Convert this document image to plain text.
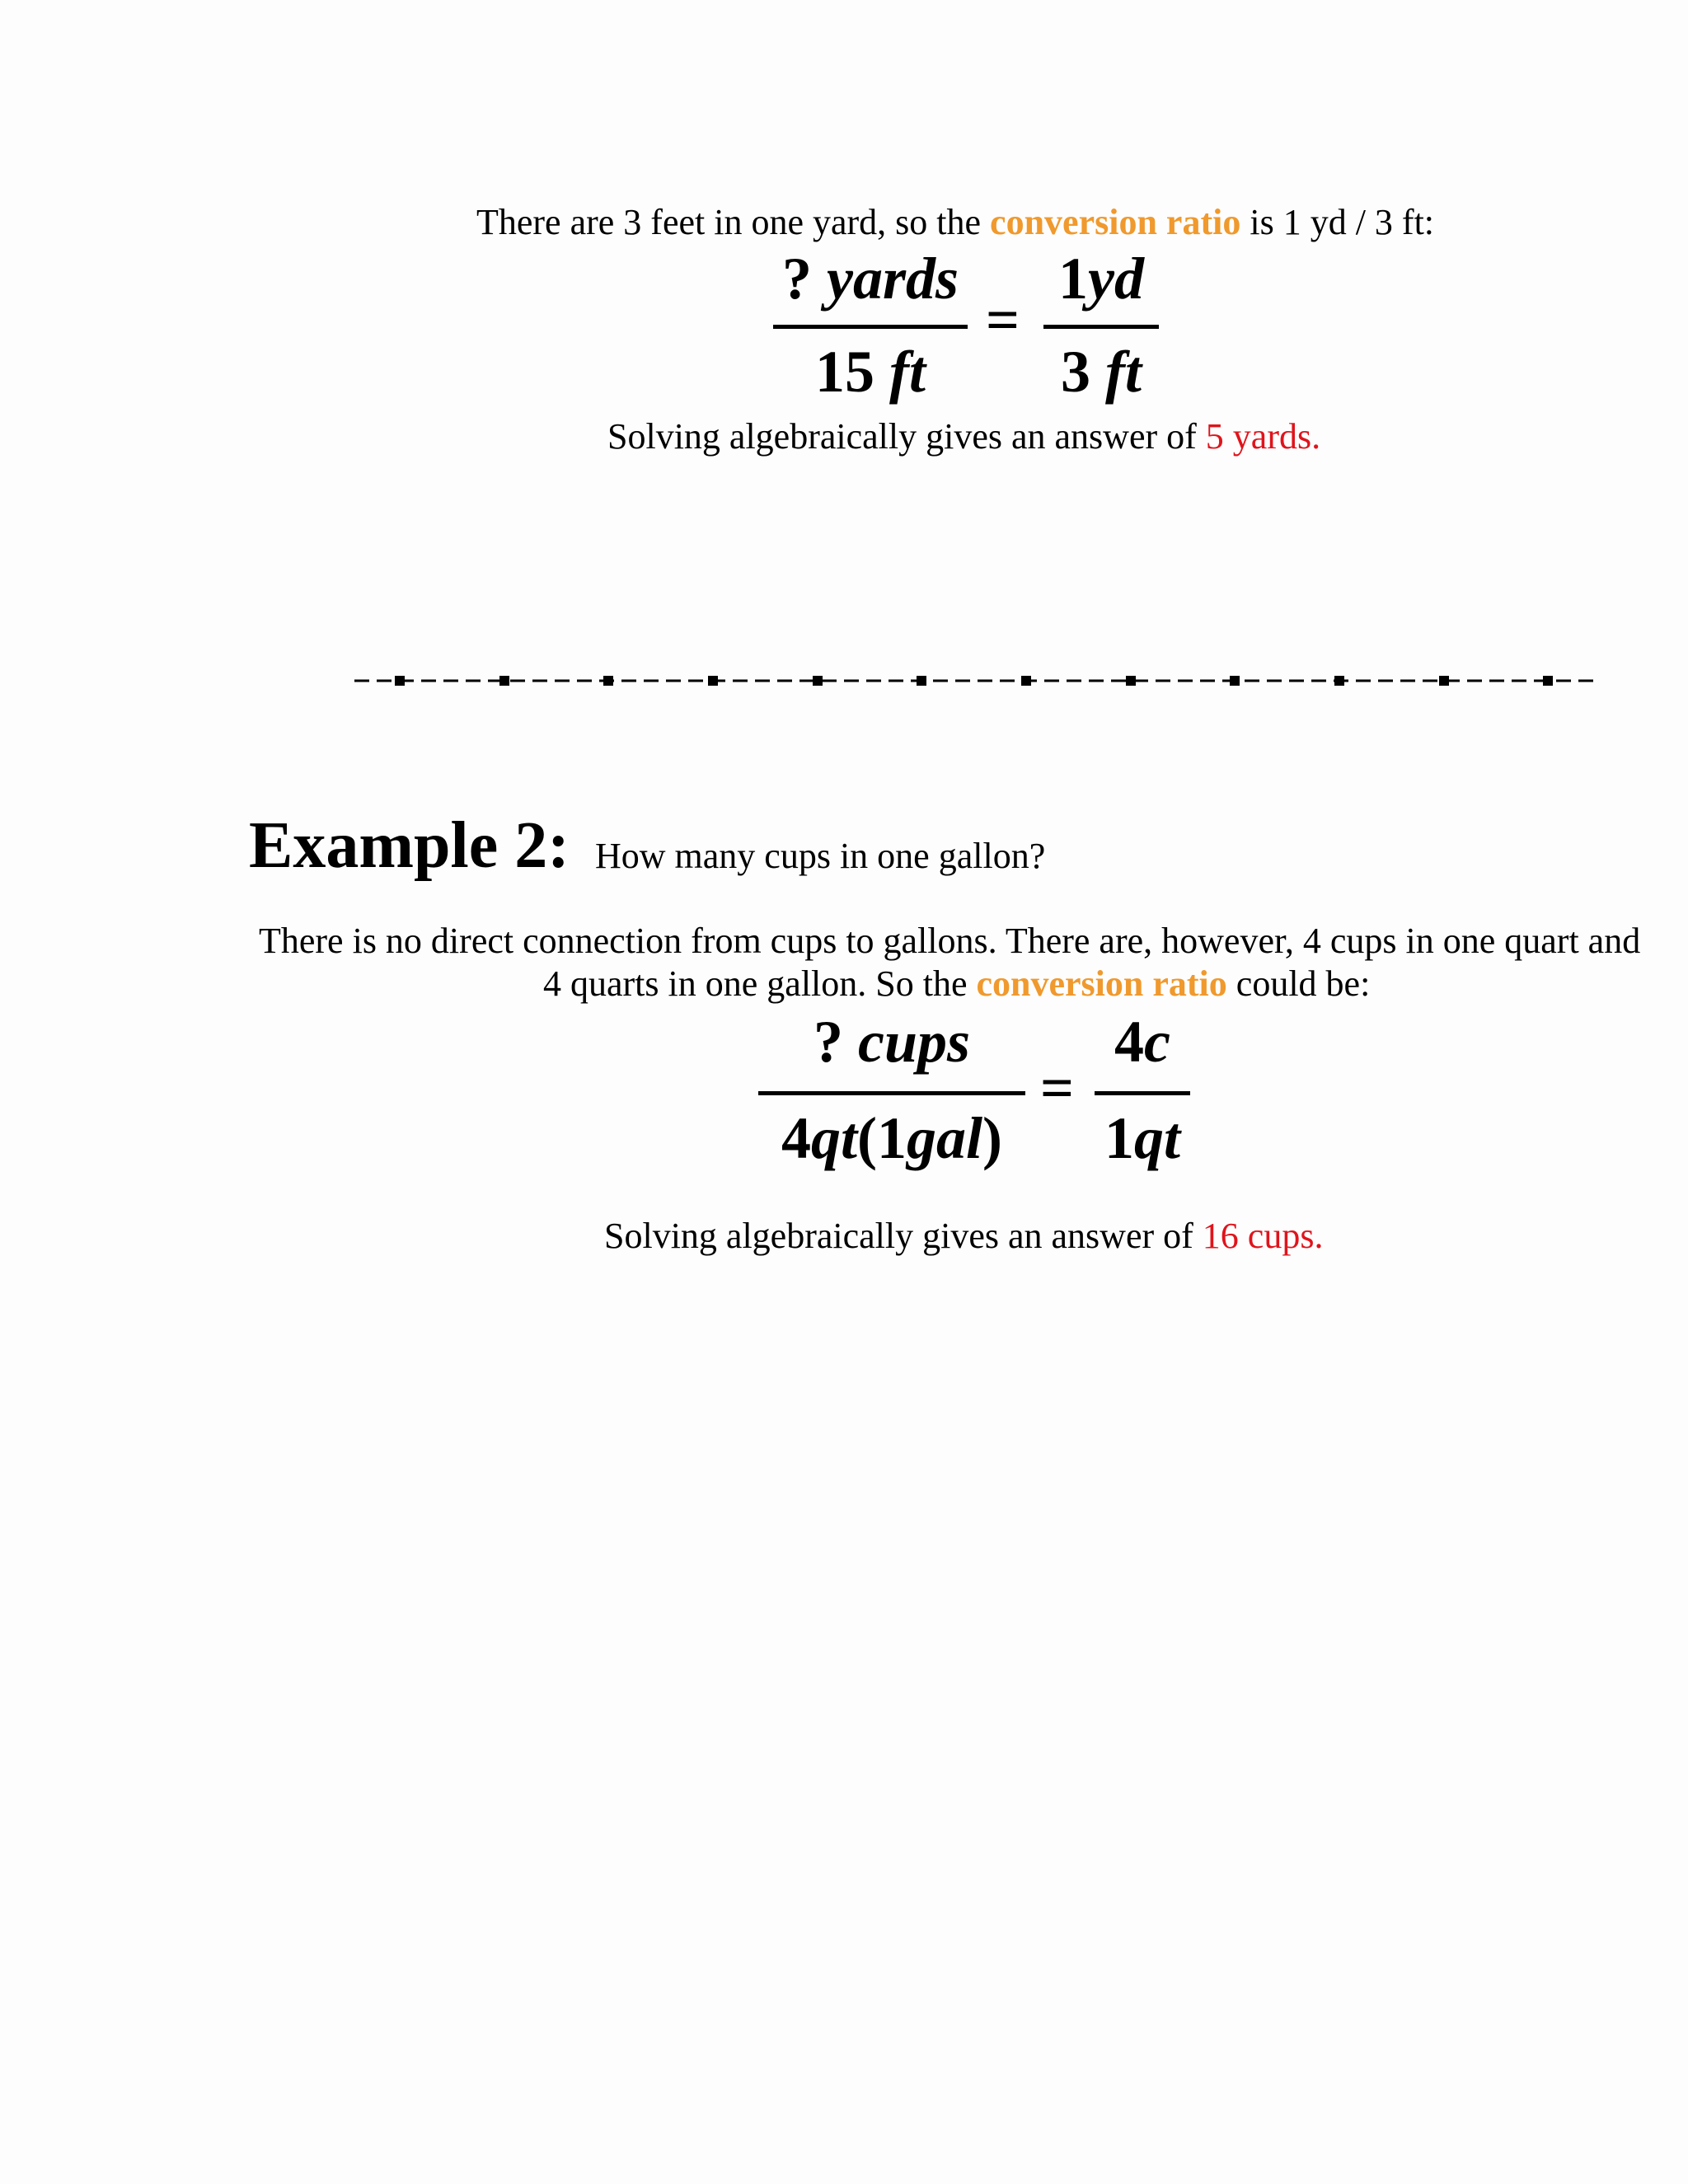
There are 3 feet in one yard, so the conversion ratio is 1 yd / 3 ft:
? yards
15 ft
=
1yd
3 ft
Solving algebraically gives an answer of 5 yards.
Example 2: How many cups in one gallon?
There is no direct connection from cups to gallons. There are, however, 4 cups in one quart and
4 quarts in one gallon. So the conversion ratio could be:
? cups
4qt(1gal)
=
4c
1qt
Solving algebraically gives an answer of 16 cups.
